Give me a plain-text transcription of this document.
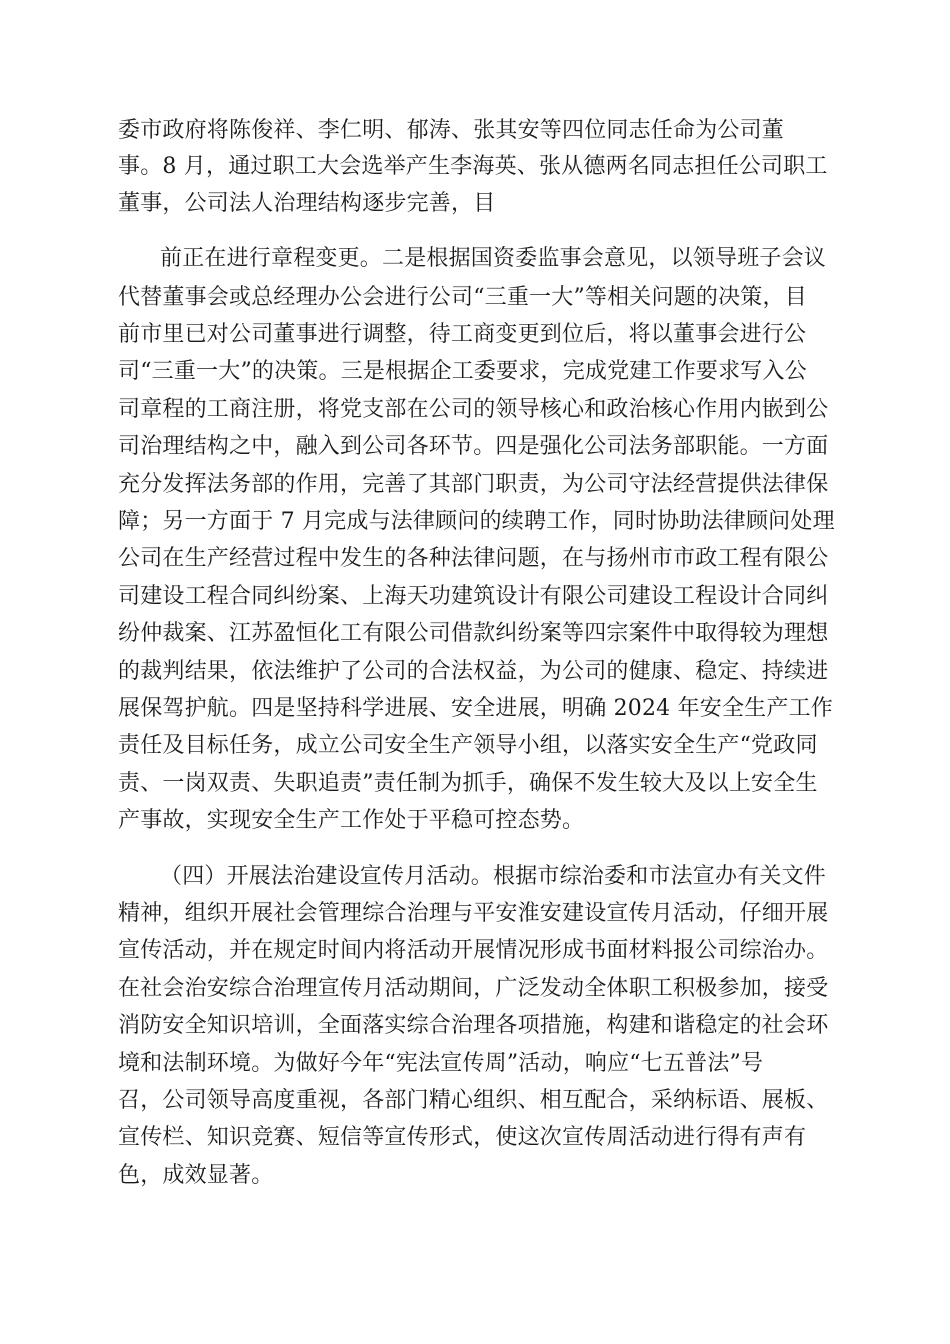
委市政府将陈俊祥、李仁明、郁涛、张其安等四位同志任命为公司董

事。8 月，通过职工大会选举产生李海英、张从德两名同志担任公司职工

董事，公司法人治理结构逐步完善，目

前正在进行章程变更。二是根据国资委监事会意见，以领导班子会议

代替董事会或总经理办公会进行公司“三重一大”等相关问题的决策，目

前市里已对公司董事进行调整，待工商变更到位后，将以董事会进行公

司“三重一大”的决策。三是根据企工委要求，完成党建工作要求写入公

司章程的工商注册，将党支部在公司的领导核心和政治核心作用内嵌到公

司治理结构之中，融入到公司各环节。四是强化公司法务部职能。一方面

充分发挥法务部的作用，完善了其部门职责，为公司守法经营提供法律保

障；另一方面于 7 月完成与法律顾问的续聘工作，同时协助法律顾问处理

公司在生产经营过程中发生的各种法律问题，在与扬州市市政工程有限公

司建设工程合同纠纷案、上海天功建筑设计有限公司建设工程设计合同纠

纷仲裁案、江苏盈恒化工有限公司借款纠纷案等四宗案件中取得较为理想

的裁判结果，依法维护了公司的合法权益，为公司的健康、稳定、持续进

展保驾护航。四是坚持科学进展、安全进展，明确 2024 年安全生产工作

责任及目标任务，成立公司安全生产领导小组，以落实安全生产“党政同

责、一岗双责、失职追责”责任制为抓手，确保不发生较大及以上安全生

产事故，实现安全生产工作处于平稳可控态势。

（四）开展法治建设宣传月活动。根据市综治委和市法宣办有关文件

精神，组织开展社会管理综合治理与平安淮安建设宣传月活动，仔细开展

宣传活动，并在规定时间内将活动开展情况形成书面材料报公司综治办。

在社会治安综合治理宣传月活动期间，广泛发动全体职工积极参加，接受

消防安全知识培训，全面落实综合治理各项措施，构建和谐稳定的社会环

境和法制环境。为做好今年“宪法宣传周”活动，响应“七五普法”号

召，公司领导高度重视，各部门精心组织、相互配合，采纳标语、展板、

宣传栏、知识竞赛、短信等宣传形式，使这次宣传周活动进行得有声有

色，成效显著。
